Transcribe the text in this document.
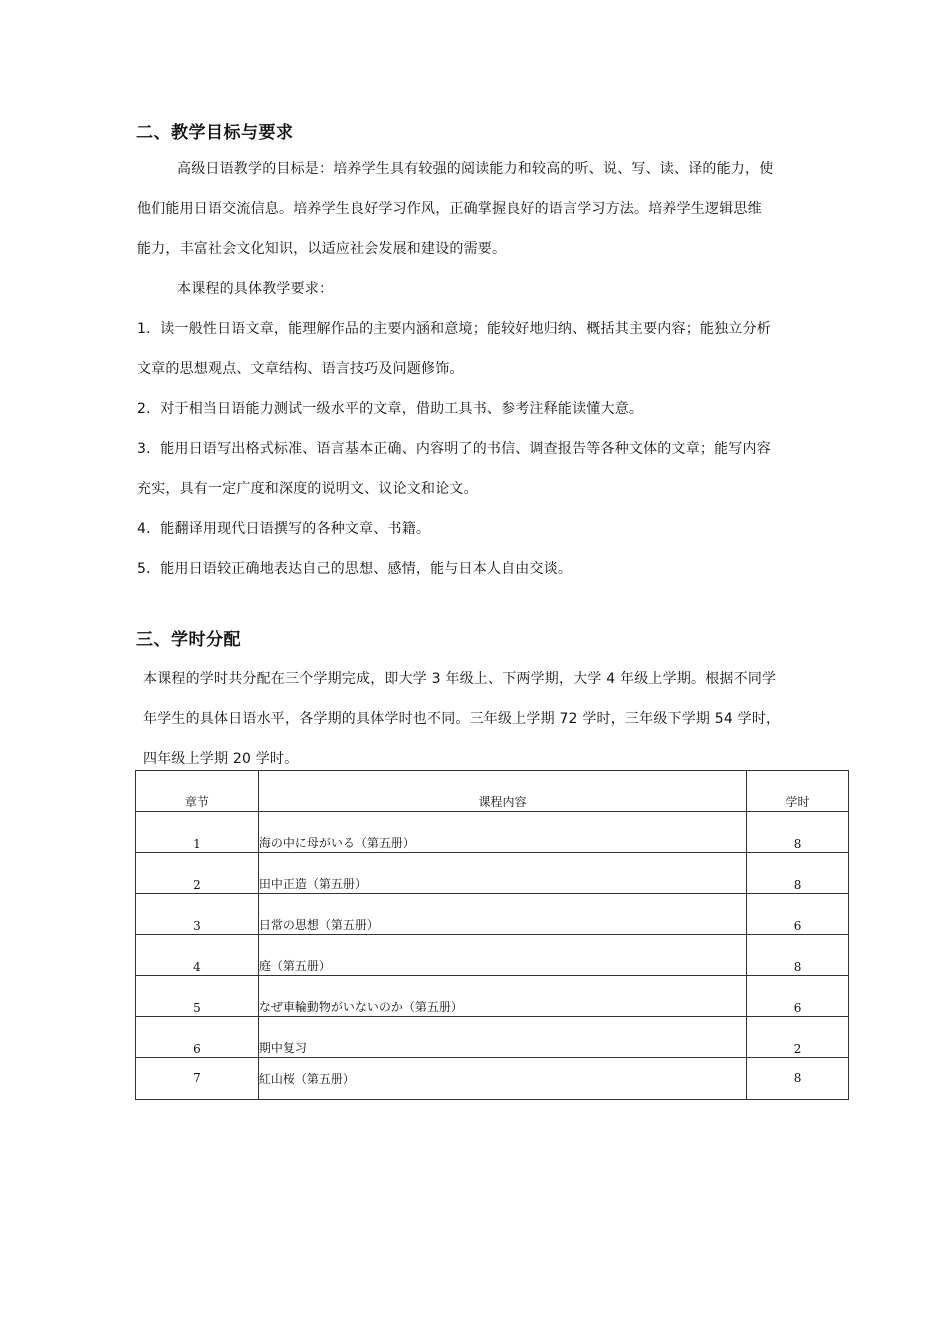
二、教学目标与要求
高级日语教学的目标是：培养学生具有较强的阅读能力和较高的听、说、写、读、译的能力，使
他们能用日语交流信息。培养学生良好学习作风，正确掌握良好的语言学习方法。培养学生逻辑思维
能力，丰富社会文化知识，以适应社会发展和建设的需要。
本课程的具体教学要求：
1．读一般性日语文章，能理解作品的主要内涵和意境；能较好地归纳、概括其主要内容；能独立分析
文章的思想观点、文章结构、语言技巧及问题修饰。
2．对于相当日语能力测试一级水平的文章，借助工具书、参考注释能读懂大意。
3．能用日语写出格式标准、语言基本正确、内容明了的书信、调查报告等各种文体的文章；能写内容
充实，具有一定广度和深度的说明文、议论文和论文。
4．能翻译用现代日语撰写的各种文章、书籍。
5．能用日语较正确地表达自己的思想、感情，能与日本人自由交谈。
三、学时分配
本课程的学时共分配在三个学期完成，即大学 3 年级上、下两学期，大学 4 年级上学期。根据不同学
年学生的具体日语水平，各学期的具体学时也不同。三年级上学期 72 学时，三年级下学期 54 学时，
四年级上学期 20 学时。
章节	课程内容	学时
1	海の中に母がいる（第五册）	8
2	田中正造（第五册）	8
3	日常の思想（第五册）	6
4	庭（第五册）	8
5	なぜ車輪動物がいないのか（第五册）	6
6	期中复习	2
7	紅山桜（第五册）	8
